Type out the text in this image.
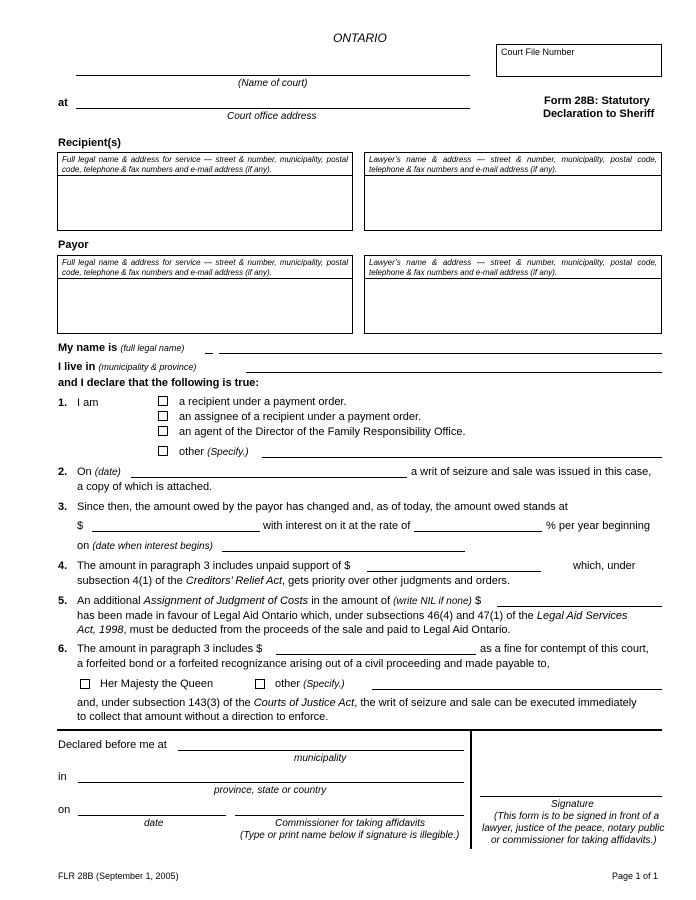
ONTARIO
Court File Number
(Name of court)
at
Court office address
Form 28B: Statutory
Declaration to Sheriff
Recipient(s)
Full legal name & address for service — street & number, municipality, postal code, telephone & fax numbers and e-mail address (if any).
Lawyer’s name & address — street & number, municipality, postal code, telephone & fax numbers and e-mail address (if any).
Payor
Full legal name & address for service — street & number, municipality, postal code, telephone & fax numbers and e-mail address (if any).
Lawyer’s name & address — street & number, municipality, postal code, telephone & fax numbers and e-mail address (if any).
My name is (full legal name)
I live in (municipality & province)
and I declare that the following is true:
1. I am	a recipient under a payment order.
an assignee of a recipient under a payment order.
an agent of the Director of the Family Responsibility Office.
other (Specify.)
2. On (date)	a writ of seizure and sale was issued in this case,
a copy of which is attached.
3. Since then, the amount owed by the payor has changed and, as of today, the amount owed stands at
$	with interest on it at the rate of	% per year beginning
on (date when interest begins)
4. The amount in paragraph 3 includes unpaid support of $	which, under
subsection 4(1) of the Creditors’ Relief Act, gets priority over other judgments and orders.
5. An additional Assignment of Judgment of Costs in the amount of (write NIL if none) $
has been made in favour of Legal Aid Ontario which, under subsections 46(4) and 47(1) of the Legal Aid Services
Act, 1998, must be deducted from the proceeds of the sale and paid to Legal Aid Ontario.
6. The amount in paragraph 3 includes $	as a fine for contempt of this court,
a forfeited bond or a forfeited recognizance arising out of a civil proceeding and made payable to,
Her Majesty the Queen	other (Specify.)
and, under subsection 143(3) of the Courts of Justice Act, the writ of seizure and sale can be executed immediately
to collect that amount without a direction to enforce.
Declared before me at
municipality
in
province, state or country
on
date	Commissioner for taking affidavits
(Type or print name below if signature is illegible.)
Signature
(This form is to be signed in front of a
lawyer, justice of the peace, notary public
or commissioner for taking affidavits.)
FLR 28B (September 1, 2005)	Page 1 of 1
